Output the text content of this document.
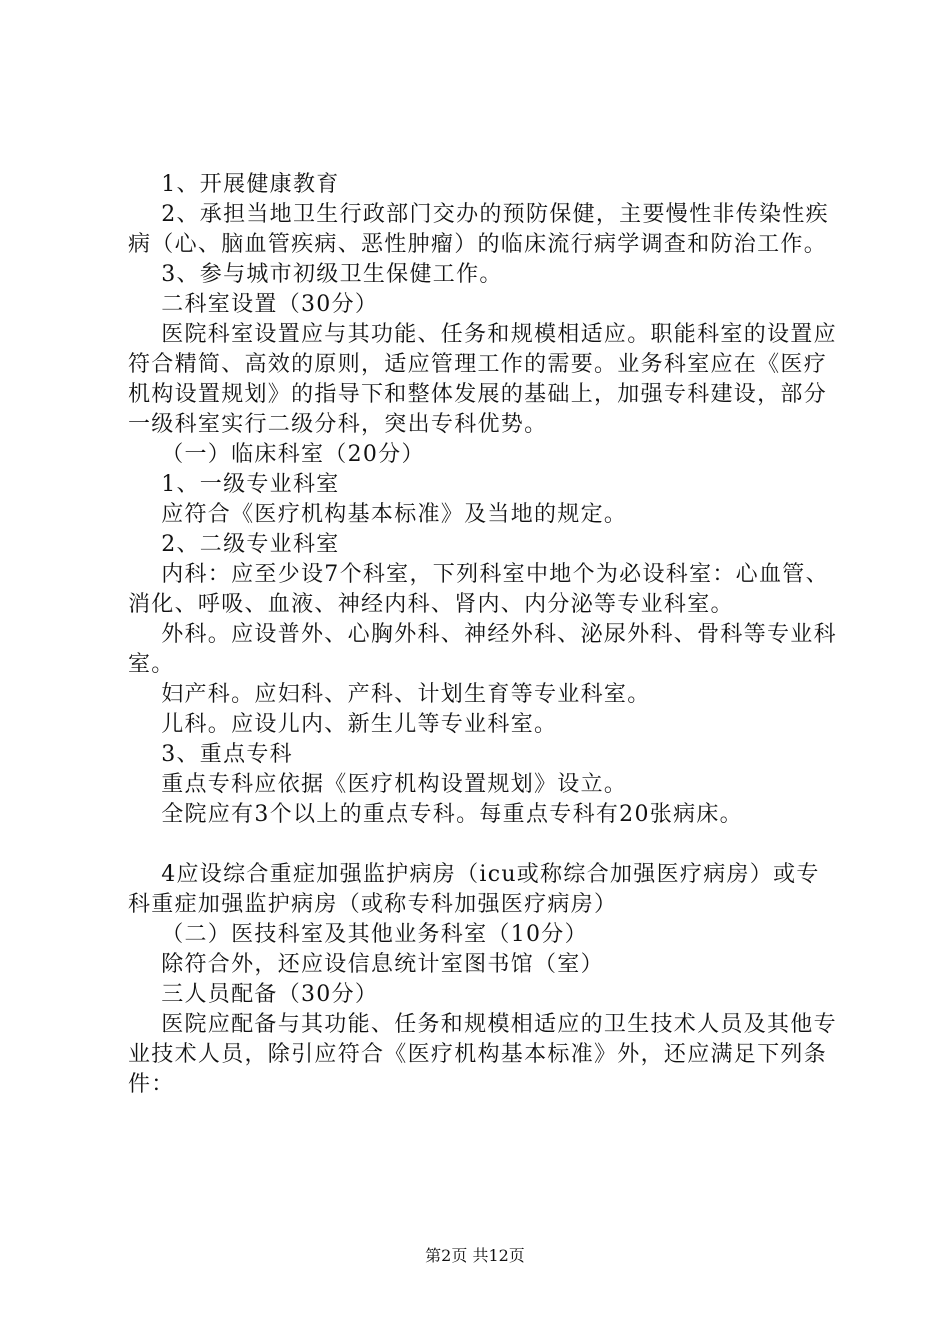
1、开展健康教育

2、承担当地卫生行政部门交办的预防保健，主要慢性非传染性疾病（心、脑血管疾病、恶性肿瘤）的临床流行病学调查和防治工作。

3、参与城市初级卫生保健工作。

二科室设置（30分）

医院科室设置应与其功能、任务和规模相适应。职能科室的设置应符合精简、高效的原则，适应管理工作的需要。业务科室应在《医疗机构设置规划》的指导下和整体发展的基础上，加强专科建设，部分一级科室实行二级分科，突出专科优势。

（一）临床科室（20分）

1、一级专业科室

应符合《医疗机构基本标准》及当地的规定。

2、二级专业科室

内科：应至少设7个科室，下列科室中地个为必设科室：心血管、消化、呼吸、血液、神经内科、肾内、内分泌等专业科室。

外科。应设普外、心胸外科、神经外科、泌尿外科、骨科等专业科室。

妇产科。应妇科、产科、计划生育等专业科室。

儿科。应设儿内、新生儿等专业科室。

3、重点专科

重点专科应依据《医疗机构设置规划》设立。

全院应有3个以上的重点专科。每重点专科有20张病床。

4应设综合重症加强监护病房（icu或称综合加强医疗病房）或专科重症加强监护病房（或称专科加强医疗病房）

（二）医技科室及其他业务科室（10分）

除符合外，还应设信息统计室图书馆（室）

三人员配备（30分）

医院应配备与其功能、任务和规模相适应的卫生技术人员及其他专业技术人员，除引应符合《医疗机构基本标准》外，还应满足下列条件：

第2页 共12页
